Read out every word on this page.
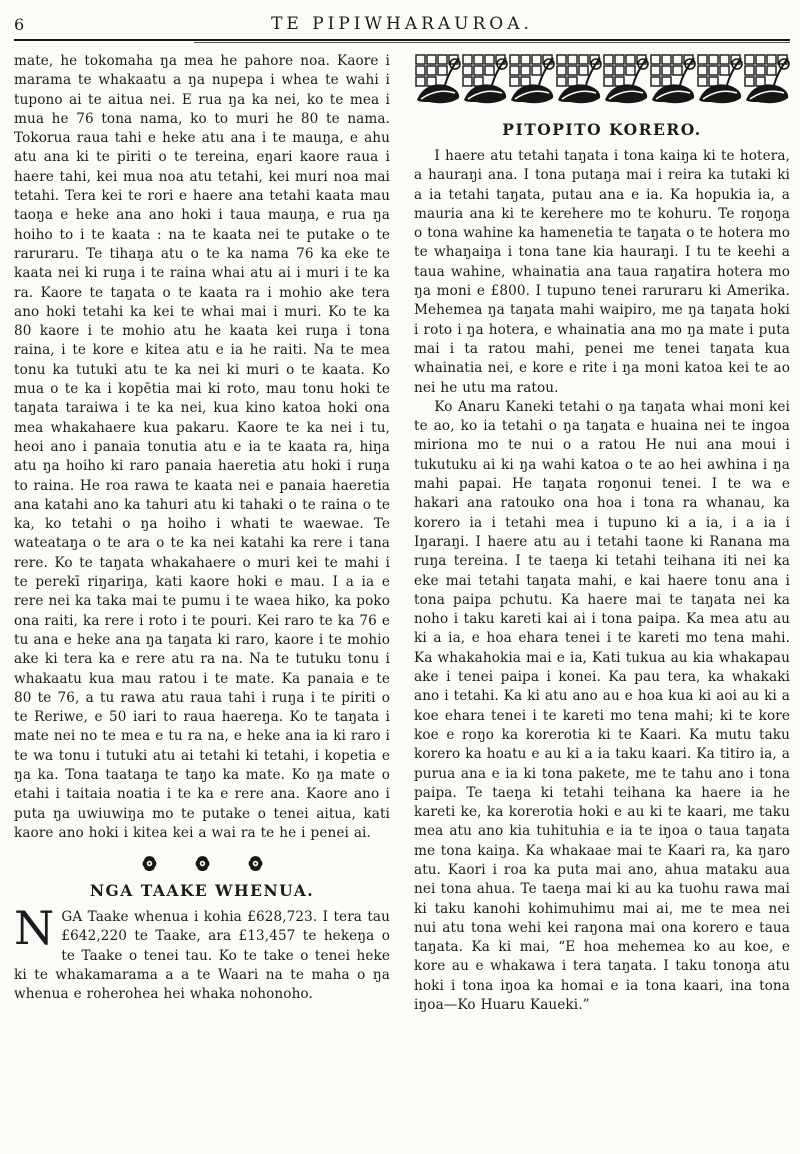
6	TE PIPIWHARAUROA.

mate, he tokomaha ŋa mea he pahore noa. Kaore i marama te whakaatu a ŋa nupepa i whea te wahi i tupono ai te aitua nei. E rua ŋa ka nei, ko te mea i mua he 76 tona nama, ko to muri he 80 te nama. Tokorua raua tahi e heke atu ana i te mauŋa, e ahu atu ana ki te piriti o te tereina, eŋari kaore raua i haere tahi, kei mua noa atu tetahi, kei muri noa mai tetahi. Tera kei te rori e haere ana tetahi kaata mau taoŋa e heke ana ano hoki i taua mauŋa, e rua ŋa hoiho to i te kaata : na te kaata nei te putake o te raruraru. Te tihaŋa atu o te ka nama 76 ka eke te kaata nei ki ruŋa i te raina whai atu ai i muri i te ka ra. Kaore te taŋata o te kaata ra i mohio ake tera ano hoki tetahi ka kei te whai mai i muri. Ko te ka 80 kaore i te mohio atu he kaata kei ruŋa i tona raina, i te kore e kitea atu e ia he raiti. Na te mea tonu ka tutuki atu te ka nei ki muri o te kaata. Ko mua o te ka i kopētia mai ki roto, mau tonu hoki te taŋata taraiwa i te ka nei, kua kino katoa hoki ona mea whakahaere kua pakaru. Kaore te ka nei i tu, heoi ano i panaia tonutia atu e ia te kaata ra, hiŋa atu ŋa hoiho ki raro panaia haeretia atu hoki i ruŋa to raina. He roa rawa te kaata nei e panaia haeretia ana katahi ano ka tahuri atu ki tahaki o te raina o te ka, ko tetahi o ŋa hoiho i whati te waewae. Te wateataŋa o te ara o te ka nei katahi ka rere i tana rere. Ko te taŋata whakahaere o muri kei te mahi i te perekī riŋariŋa, kati kaore hoki e mau. I a ia e rere nei ka taka mai te pumu i te waea hiko, ka poko ona raiti, ka rere i roto i te pouri. Kei raro te ka 76 e tu ana e heke ana ŋa taŋata ki raro, kaore i te mohio ake ki tera ka e rere atu ra na. Na te tutuku tonu i whakaatu kua mau ratou i te mate. Ka panaia e te 80 te 76, a tu rawa atu raua tahi i ruŋa i te piriti o te Reriwe, e 50 iari to raua haereŋa. Ko te taŋata i mate nei no te mea e tu ra na, e heke ana ia ki raro i te wa tonu i tutuki atu ai tetahi ki tetahi, i kopetia e ŋa ka. Tona taataŋa te taŋo ka mate. Ko ŋa mate o etahi i taitaia noatia i te ka e rere ana. Kaore ano i puta ŋa uwiuwiŋa mo te putake o tenei aitua, kati kaore ano hoki i kitea kei a wai ra te he i penei ai.

NGA TAAKE WHENUA.

NGA Taake whenua i kohia £628,723. I tera tau £642,220 te Taake, ara £13,457 te hekeŋa o te Taake o tenei tau. Ko te take o tenei heke ki te whakamarama a a te Waari na te maha o ŋa whenua e roherohea hei whaka nohonoho.

PITOPITO KORERO.

I haere atu tetahi taŋata i tona kaiŋa ki te hotera, a hauraŋi ana. I tona putaŋa mai i reira ka tutaki ki a ia tetahi taŋata, putau ana e ia. Ka hopukia ia, a mauria ana ki te kerehere mo te kohuru. Te roŋoŋa o tona wahine ka hamenetia te taŋata o te hotera mo te whaŋaiŋa i tona tane kia hauraŋi. I tu te keehi a taua wahine, whainatia ana taua raŋatira hotera mo ŋa moni e £800. I tupuno tenei raruraru ki Amerika. Mehemea ŋa taŋata mahi waipiro, me ŋa taŋata hoki i roto i ŋa hotera, e whainatia ana mo ŋa mate i puta mai i ta ratou mahi, penei me tenei taŋata kua whainatia nei, e kore e rite i ŋa moni katoa kei te ao nei he utu ma ratou.

Ko Anaru Kaneki tetahi o ŋa taŋata whai moni kei te ao, ko ia tetahi o ŋa taŋata e huaina nei te ingoa miriona mo te nui o a ratou He nui ana moui i tukutuku ai ki ŋa wahi katoa o te ao hei awhina i ŋa mahi papai. He taŋata roŋonui tenei. I te wa e hakari ana ratouko ona hoa i tona ra whanau, ka korero ia i tetahi mea i tupuno ki a ia, i a ia i Iŋaraŋi. I haere atu au i tetahi taone ki Ranana ma ruŋa tereina. I te taeŋa ki tetahi teihana iti nei ka eke mai tetahi taŋata mahi, e kai haere tonu ana i tona paipa pchutu. Ka haere mai te taŋata nei ka noho i taku kareti kai ai i tona paipa. Ka mea atu au ki a ia, e hoa ehara tenei i te kareti mo tena mahi. Ka whakahokia mai e ia, Kati tukua au kia whakapau ake i tenei paipa i konei. Ka pau tera, ka whakaki ano i tetahi. Ka ki atu ano au e hoa kua ki aoi au ki a koe ehara tenei i te kareti mo tena mahi; ki te kore koe e roŋo ka korerotia ki te Kaari. Ka mutu taku korero ka hoatu e au ki a ia taku kaari. Ka titiro ia, a purua ana e ia ki tona pakete, me te tahu ano i tona paipa. Te taeŋa ki tetahi teihana ka haere ia he kareti ke, ka korerotia hoki e au ki te kaari, me taku mea atu ano kia tuhituhia e ia te iŋoa o taua taŋata me tona kaiŋa. Ka whakaae mai te Kaari ra, ka ŋaro atu. Kaori i roa ka puta mai ano, ahua mataku aua nei tona ahua. Te taeŋa mai ki au ka tuohu rawa mai ki taku kanohi kohimuhimu mai ai, me te mea nei nui atu tona wehi kei raŋona mai ona korero e taua taŋata. Ka ki mai, “E hoa mehemea ko au koe, e kore au e whakawa i tera taŋata. I taku tonoŋa atu hoki i tona iŋoa ka homai e ia tona kaari, ina tona iŋoa—Ko Huaru Kaueki.”
